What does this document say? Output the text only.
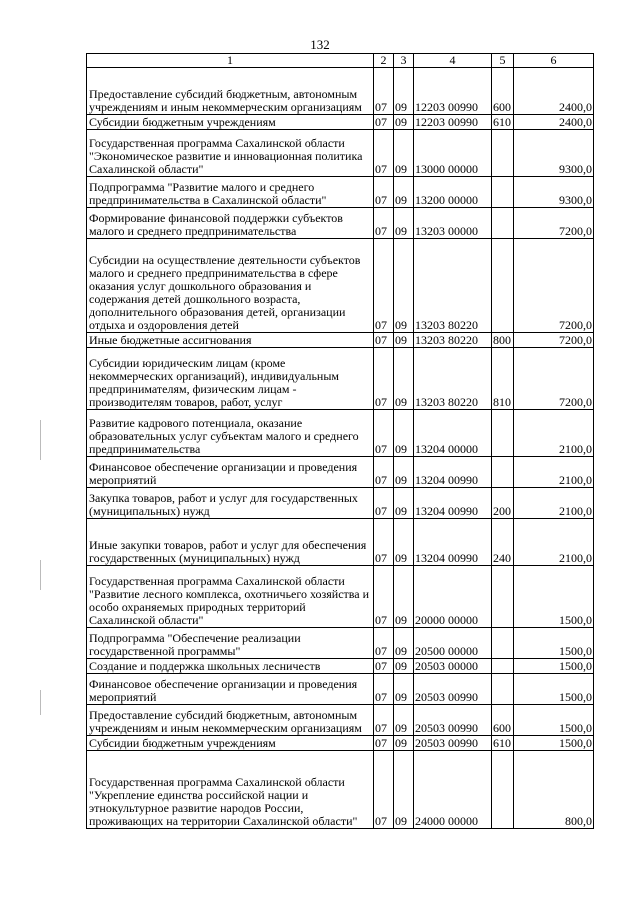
132
1	2	3	4	5	6
Предоставление субсидий бюджетным, автономным учреждениям и иным некоммерческим организациям	07	09	12203 00990	600	2400,0
Субсидии бюджетным учреждениям	07	09	12203 00990	610	2400,0
Государственная программа Сахалинской области "Экономическое развитие и инновационная политика Сахалинской области"	07	09	13000 00000		9300,0
Подпрограмма "Развитие малого и среднего предпринимательства в Сахалинской области"	07	09	13200 00000		9300,0
Формирование финансовой поддержки субъектов малого и среднего предпринимательства	07	09	13203 00000		7200,0
Субсидии на осуществление деятельности субъектов малого и среднего предпринимательства в сфере оказания услуг дошкольного образования и содержания детей дошкольного возраста, дополнительного образования детей, организации отдыха и оздоровления детей	07	09	13203 80220		7200,0
Иные бюджетные ассигнования	07	09	13203 80220	800	7200,0
Субсидии юридическим лицам (кроме некоммерческих организаций), индивидуальным предпринимателям, физическим лицам - производителям товаров, работ, услуг	07	09	13203 80220	810	7200,0
Развитие кадрового потенциала, оказание образовательных услуг субъектам малого и среднего предпринимательства	07	09	13204 00000		2100,0
Финансовое обеспечение организации и проведения мероприятий	07	09	13204 00990		2100,0
Закупка товаров, работ и услуг для государственных (муниципальных) нужд	07	09	13204 00990	200	2100,0
Иные закупки товаров, работ и услуг для обеспечения государственных (муниципальных) нужд	07	09	13204 00990	240	2100,0
Государственная программа Сахалинской области "Развитие лесного комплекса, охотничьего хозяйства и особо охраняемых природных территорий Сахалинской области"	07	09	20000 00000		1500,0
Подпрограмма "Обеспечение реализации государственной программы"	07	09	20500 00000		1500,0
Создание и поддержка школьных лесничеств	07	09	20503 00000		1500,0
Финансовое обеспечение организации и проведения мероприятий	07	09	20503 00990		1500,0
Предоставление субсидий бюджетным, автономным учреждениям и иным некоммерческим организациям	07	09	20503 00990	600	1500,0
Субсидии бюджетным учреждениям	07	09	20503 00990	610	1500,0
Государственная программа Сахалинской области "Укрепление единства российской нации и этнокультурное развитие народов России, проживающих на территории Сахалинской области"	07	09	24000 00000		800,0
